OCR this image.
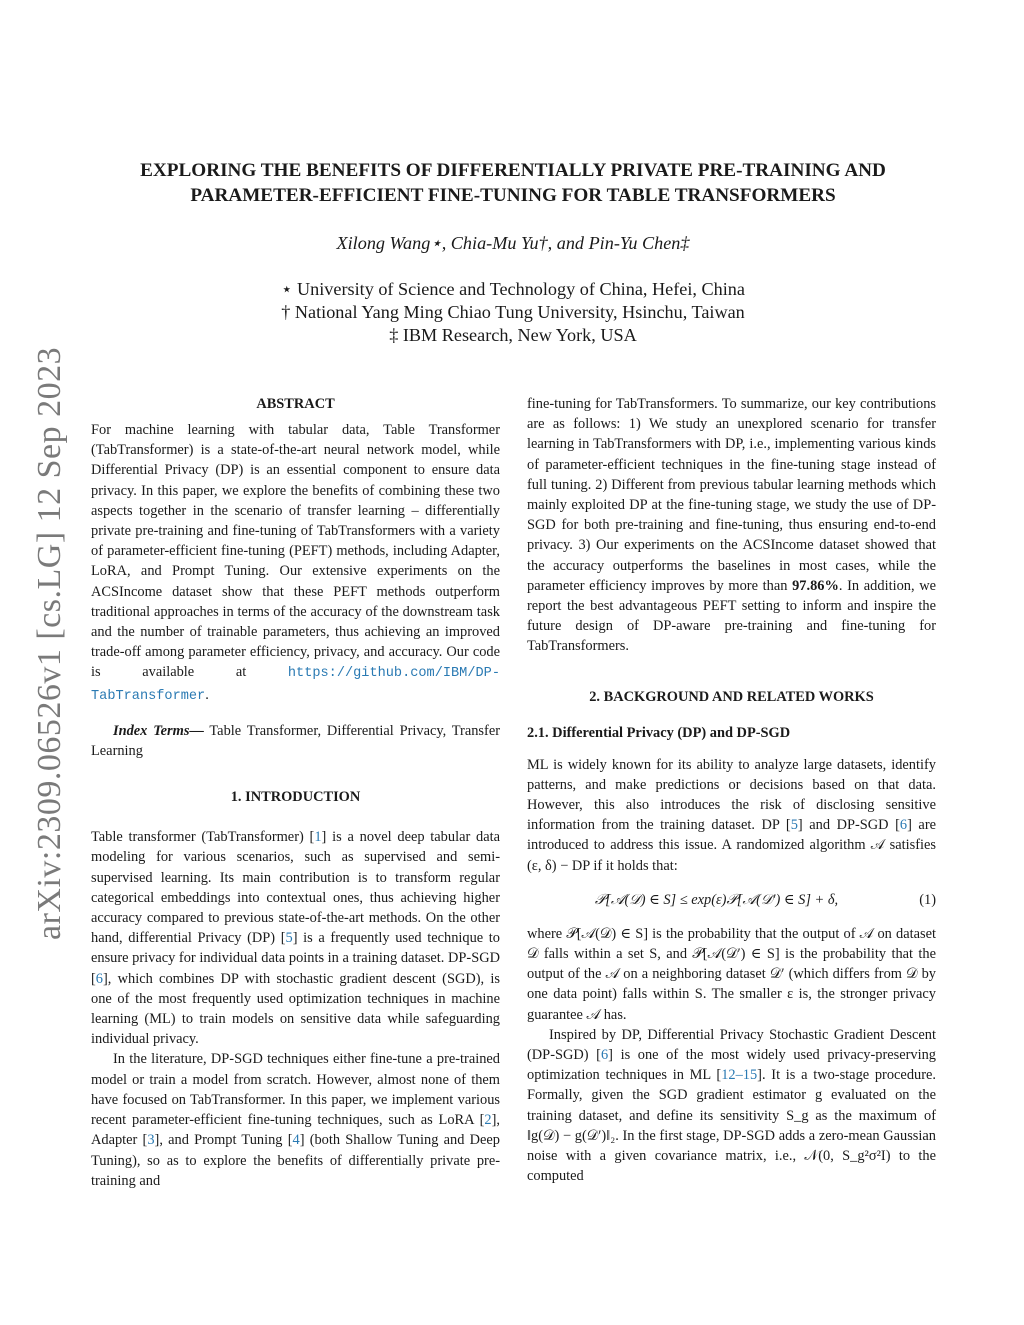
arXiv:2309.06526v1 [cs.LG] 12 Sep 2023
EXPLORING THE BENEFITS OF DIFFERENTIALLY PRIVATE PRE-TRAINING AND
PARAMETER-EFFICIENT FINE-TUNING FOR TABLE TRANSFORMERS
Xilong Wang⋆, Chia-Mu Yu†, and Pin-Yu Chen‡
⋆ University of Science and Technology of China, Hefei, China
† National Yang Ming Chiao Tung University, Hsinchu, Taiwan
‡ IBM Research, New York, USA
ABSTRACT

For machine learning with tabular data, Table Transformer (TabTransformer) is a state-of-the-art neural network model, while Differential Privacy (DP) is an essential component to ensure data privacy. In this paper, we explore the benefits of combining these two aspects together in the scenario of transfer learning – differentially private pre-training and fine-tuning of TabTransformers with a variety of parameter-efficient fine-tuning (PEFT) methods, including Adapter, LoRA, and Prompt Tuning. Our extensive experiments on the ACSIncome dataset show that these PEFT methods outperform traditional approaches in terms of the accuracy of the downstream task and the number of trainable parameters, thus achieving an improved trade-off among parameter efficiency, privacy, and accuracy. Our code is available at	https://github.com/IBM/DP-TabTransformer.

Index Terms— Table Transformer, Differential Privacy, Transfer Learning

1. INTRODUCTION

Table transformer (TabTransformer) [1] is a novel deep tabular data modeling for various scenarios, such as supervised and semi-supervised learning. Its main contribution is to transform regular categorical embeddings into contextual ones, thus achieving higher accuracy compared to previous state-of-the-art methods. On the other hand, differential Privacy (DP) [5] is a frequently used technique to ensure privacy for individual data points in a training dataset. DP-SGD [6], which combines DP with stochastic gradient descent (SGD), is one of the most frequently used optimization techniques in machine learning (ML) to train models on sensitive data while safeguarding individual privacy.

In the literature, DP-SGD techniques either fine-tune a pre-trained model or train a model from scratch. However, almost none of them have focused on TabTransformer. In this paper, we implement various recent parameter-efficient fine-tuning techniques, such as LoRA [2], Adapter [3], and Prompt Tuning [4] (both Shallow Tuning and Deep Tuning), so as to explore the benefits of differentially private pre-training and

fine-tuning for TabTransformers. To summarize, our key contributions are as follows: 1) We study an unexplored scenario for transfer learning in TabTransformers with DP, i.e., implementing various kinds of parameter-efficient techniques in the fine-tuning stage instead of full tuning. 2) Different from previous tabular learning methods which mainly exploited DP at the fine-tuning stage, we study the use of DP-SGD for both pre-training and fine-tuning, thus ensuring end-to-end privacy. 3) Our experiments on the ACSIncome dataset showed that the accuracy outperforms the baselines in most cases, while the parameter efficiency improves by more than 97.86%. In addition, we report the best advantageous PEFT setting to inform and inspire the future design of DP-aware pre-training and fine-tuning for TabTransformers.

2. BACKGROUND AND RELATED WORKS
2.1. Differential Privacy (DP) and DP-SGD

ML is widely known for its ability to analyze large datasets, identify patterns, and make predictions or decisions based on that data. However, this also introduces the risk of disclosing sensitive information from the training dataset. DP [5] and DP-SGD [6] are introduced to address this issue. A randomized algorithm 𝒜 satisfies (ε, δ) − DP if it holds that:

𝒫[𝒜(𝒟) ∈ S] ≤ exp(ε)𝒫[𝒜(𝒟′) ∈ S] + δ,	(1)

where 𝒫[𝒜(𝒟) ∈ S] is the probability that the output of 𝒜 on dataset 𝒟 falls within a set S, and 𝒫[𝒜(𝒟′) ∈ S] is the probability that the output of the 𝒜 on a neighboring dataset 𝒟′ (which differs from 𝒟 by one data point) falls within S. The smaller ε is, the stronger privacy guarantee 𝒜 has.

Inspired by DP, Differential Privacy Stochastic Gradient Descent (DP-SGD) [6] is one of the most widely used privacy-preserving optimization techniques in ML [12–15]. It is a two-stage procedure. Formally, given the SGD gradient estimator g evaluated on the training dataset, and define its sensitivity S_g as the maximum of ‖g(𝒟) − g(𝒟′)‖₂. In the first stage, DP-SGD adds a zero-mean Gaussian noise with a given covariance matrix, i.e., 𝒩(0, S_g²σ²I) to the computed
